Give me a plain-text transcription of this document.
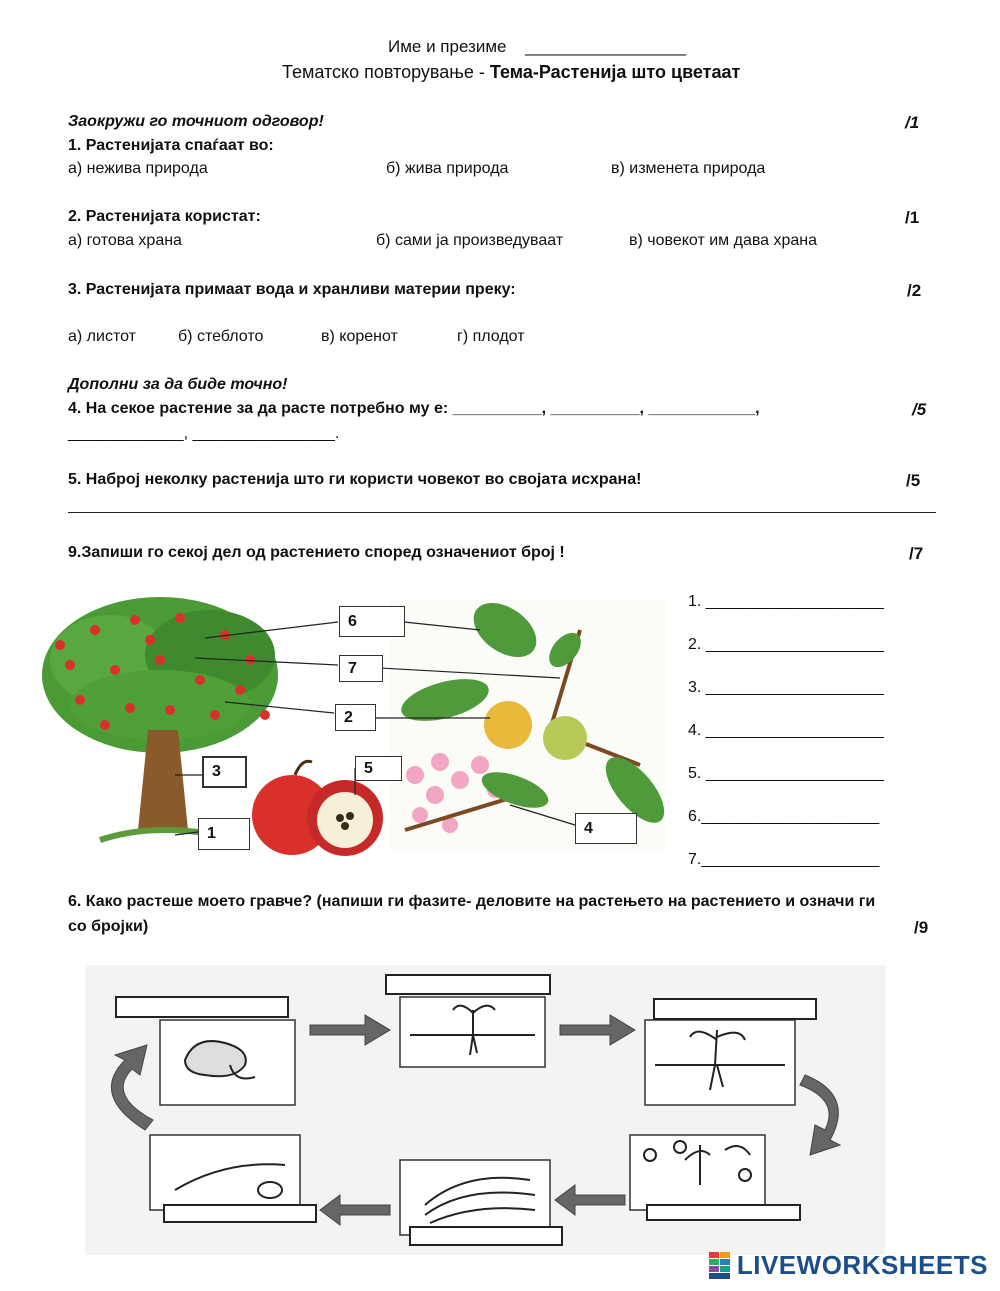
Име и презиме _________________
Тематско повторување - Тема-Растенија што цветаат
Заокружи го точниот одговор!	/1
1. Растенијата спаѓаат во:
а) нежива природа	б) жива природа	в) изменета природа
2. Растенијата користат:	/1
а) готова храна	б) сами ја произведуваат	в) човекот им дава храна
3. Растенијата примаат вода и хранливи материи преку:	/2
а) листот	б) стеблото	в) коренот	г) плодот
Дополни за да биде точно!
4. На секое растение за да расте потребно му е: __________, __________, ____________,	/5
_____________, ________________.
5. Наброј неколку растенија што ги користи човекот во својата исхрана!	/5
9.Запиши го секој дел од растението според означениот број !	/7
6
7
2
3	5
1	4
1. ____________________
2. ____________________
3. ____________________
4. ____________________
5. ____________________
6.____________________
7.____________________
6. Како растеше моето гравче? (напиши ги фазите- деловите на растењето на растението и означи ги
со бројки)	/9
LIVEWORKSHEETS
